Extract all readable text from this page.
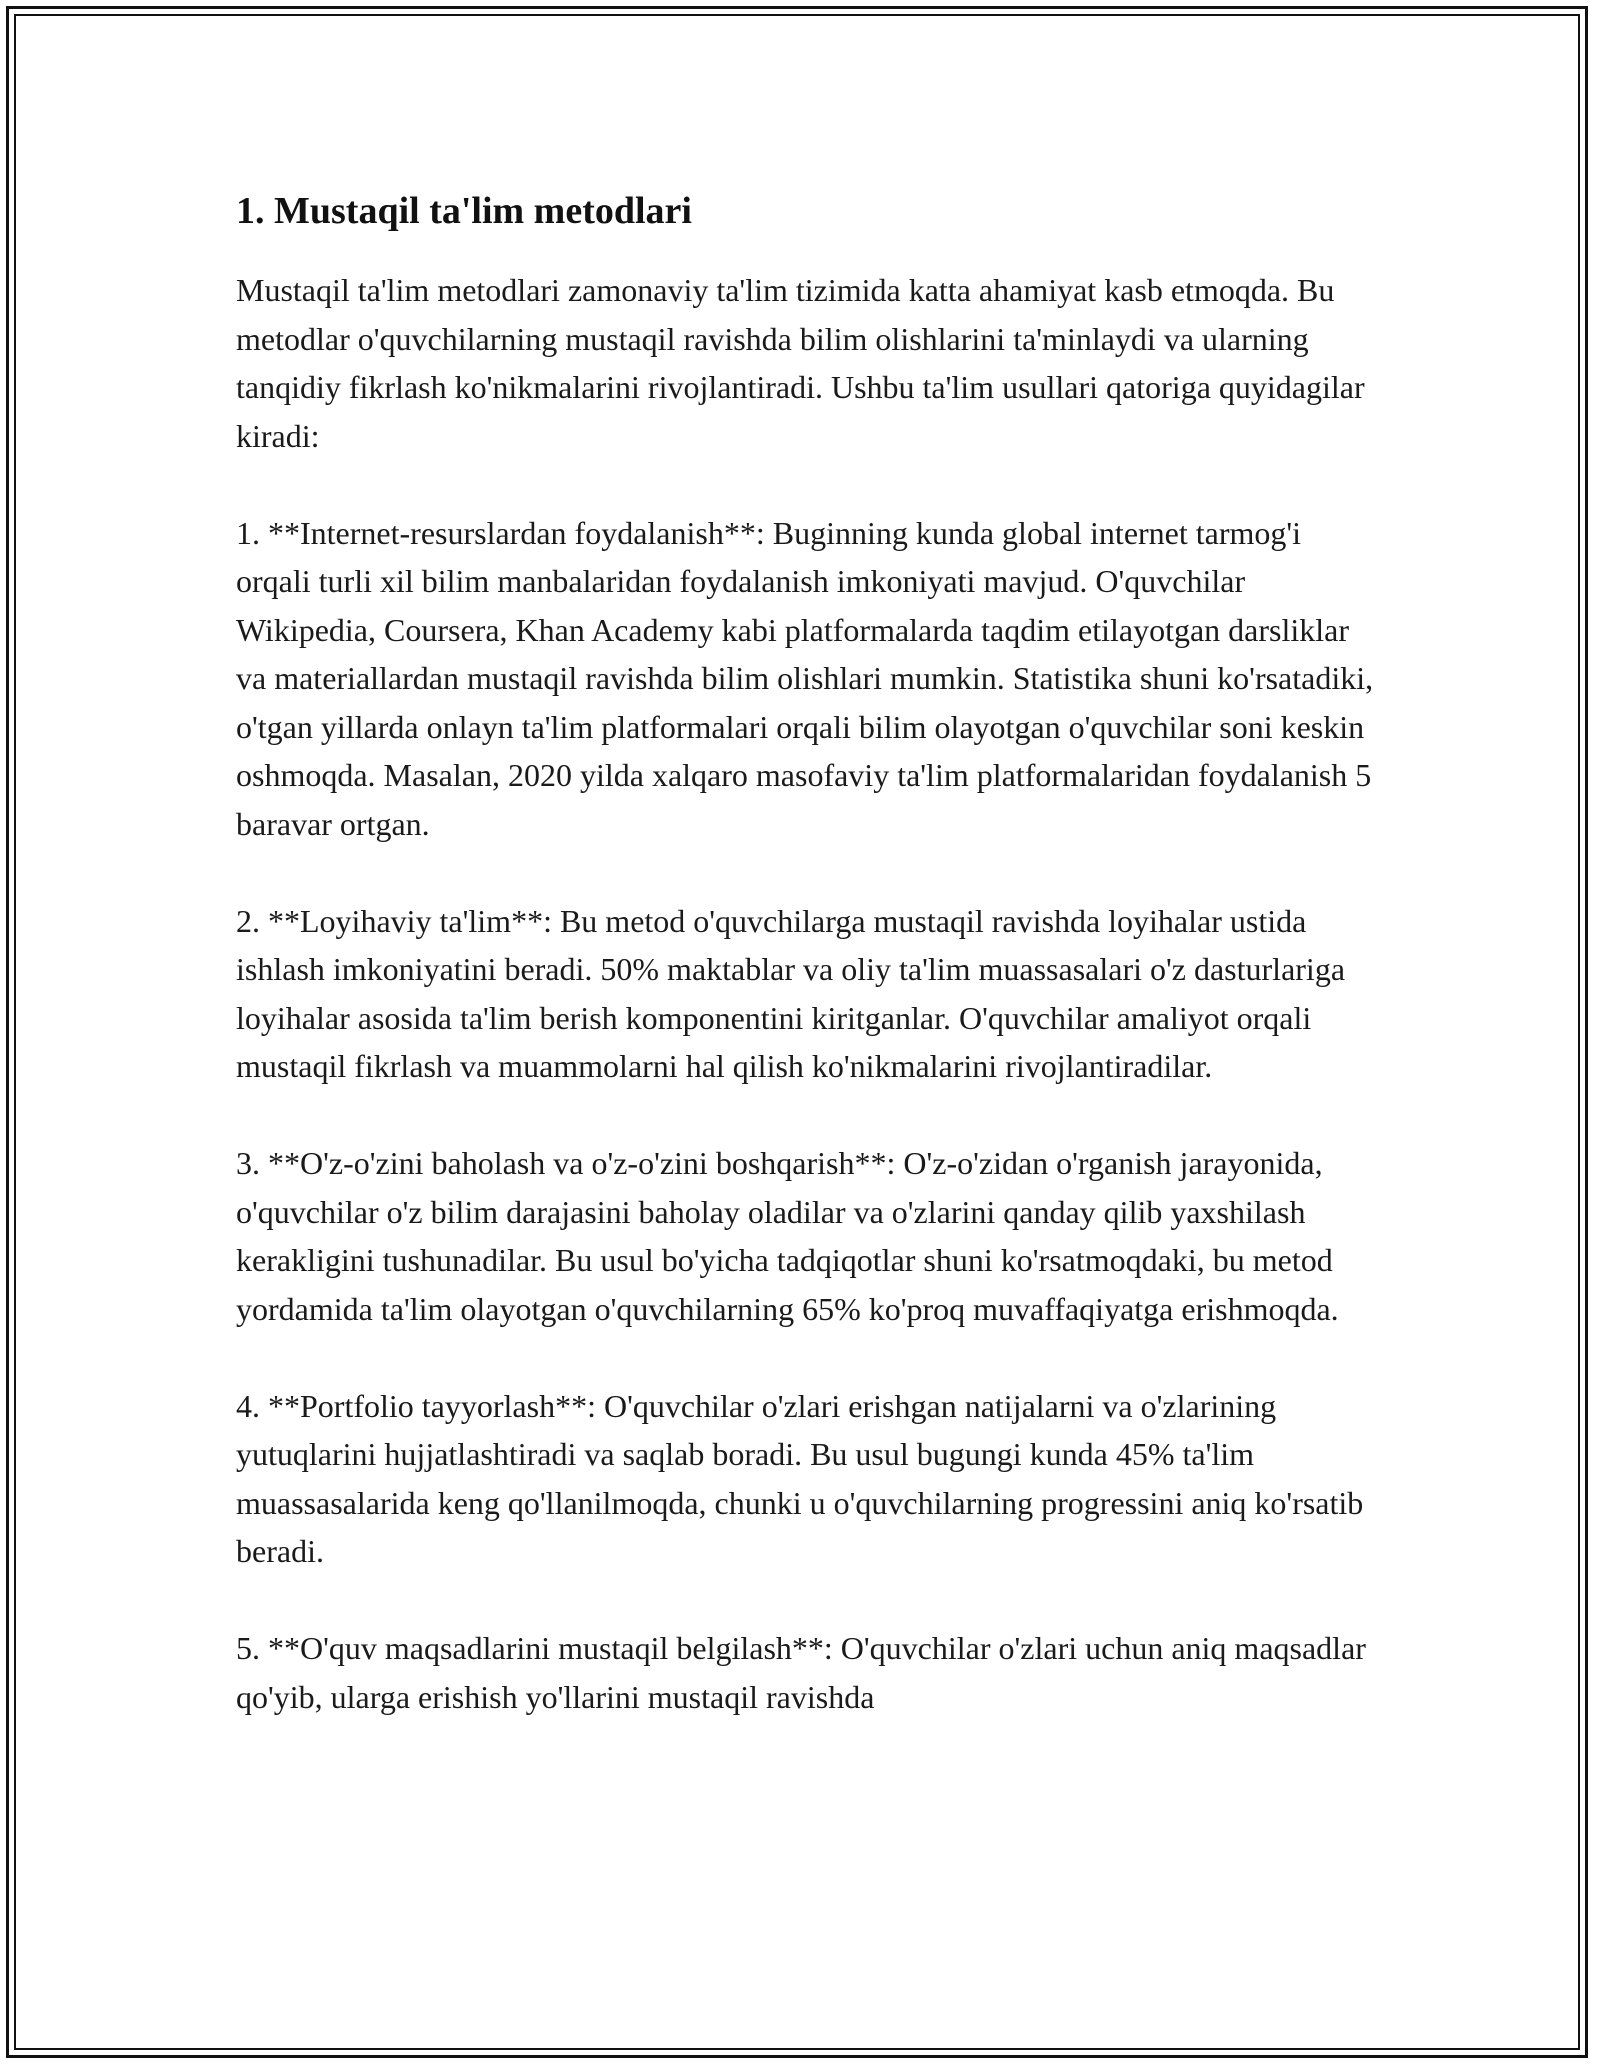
1. Mustaqil ta'lim metodlari

Mustaqil ta'lim metodlari zamonaviy ta'lim tizimida katta ahamiyat kasb etmoqda. Bu metodlar o'quvchilarning mustaqil ravishda bilim olishlarini ta'minlaydi va ularning tanqidiy fikrlash ko'nikmalarini rivojlantiradi. Ushbu ta'lim usullari qatoriga quyidagilar kiradi:

1. **Internet-resurslardan foydalanish**: Buginning kunda global internet tarmog'i orqali turli xil bilim manbalaridan foydalanish imkoniyati mavjud. O'quvchilar Wikipedia, Coursera, Khan Academy kabi platformalarda taqdim etilayotgan darsliklar va materiallardan mustaqil ravishda bilim olishlari mumkin. Statistika shuni ko'rsatadiki, o'tgan yillarda onlayn ta'lim platformalari orqali bilim olayotgan o'quvchilar soni keskin oshmoqda. Masalan, 2020 yilda xalqaro masofaviy ta'lim platformalaridan foydalanish 5 baravar ortgan.

2. **Loyihaviy ta'lim**: Bu metod o'quvchilarga mustaqil ravishda loyihalar ustida ishlash imkoniyatini beradi. 50% maktablar va oliy ta'lim muassasalari o'z dasturlariga loyihalar asosida ta'lim berish komponentini kiritganlar. O'quvchilar amaliyot orqali mustaqil fikrlash va muammolarni hal qilish ko'nikmalarini rivojlantiradilar.

3. **O'z-o'zini baholash va o'z-o'zini boshqarish**: O'z-o'zidan o'rganish jarayonida, o'quvchilar o'z bilim darajasini baholay oladilar va o'zlarini qanday qilib yaxshilash kerakligini tushunadilar. Bu usul bo'yicha tadqiqotlar shuni ko'rsatmoqdaki, bu metod yordamida ta'lim olayotgan o'quvchilarning 65% ko'proq muvaffaqiyatga erishmoqda.

4. **Portfolio tayyorlash**: O'quvchilar o'zlari erishgan natijalarni va o'zlarining yutuqlarini hujjatlashtiradi va saqlab boradi. Bu usul bugungi kunda 45% ta'lim muassasalarida keng qo'llanilmoqda, chunki u o'quvchilarning progressini aniq ko'rsatib beradi.

5. **O'quv maqsadlarini mustaqil belgilash**: O'quvchilar o'zlari uchun aniq maqsadlar qo'yib, ularga erishish yo'llarini mustaqil ravishda
